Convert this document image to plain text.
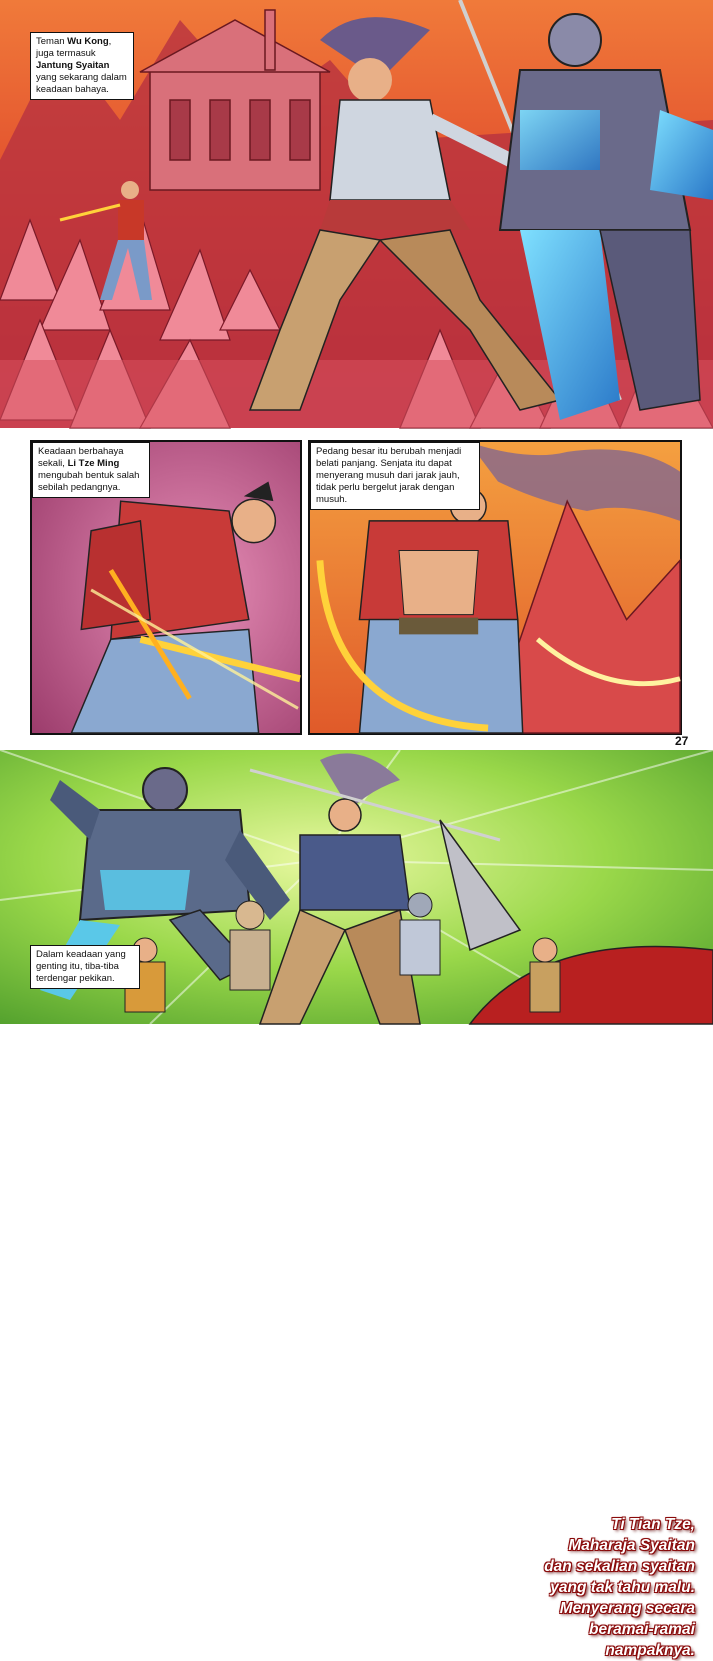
Teman Wu Kong, juga termasuk Jantung Syaitan yang sekarang dalam keadaan bahaya.
Keadaan berbahaya sekali, Li Tze Ming mengubah bentuk salah sebilah pedangnya.
Pedang besar itu berubah menjadi belati panjang. Senjata itu dapat menyerang musuh dari jarak jauh, tidak perlu bergelut jarak dengan musuh.
27
Dalam keadaan yang genting itu, tiba-tiba terdengar pekikan.
Ti Tian Tze,
Maharaja Syaitan
dan sekalian syaitan
yang tak tahu malu.
Menyerang secara
beramai-ramai
nampaknya.
